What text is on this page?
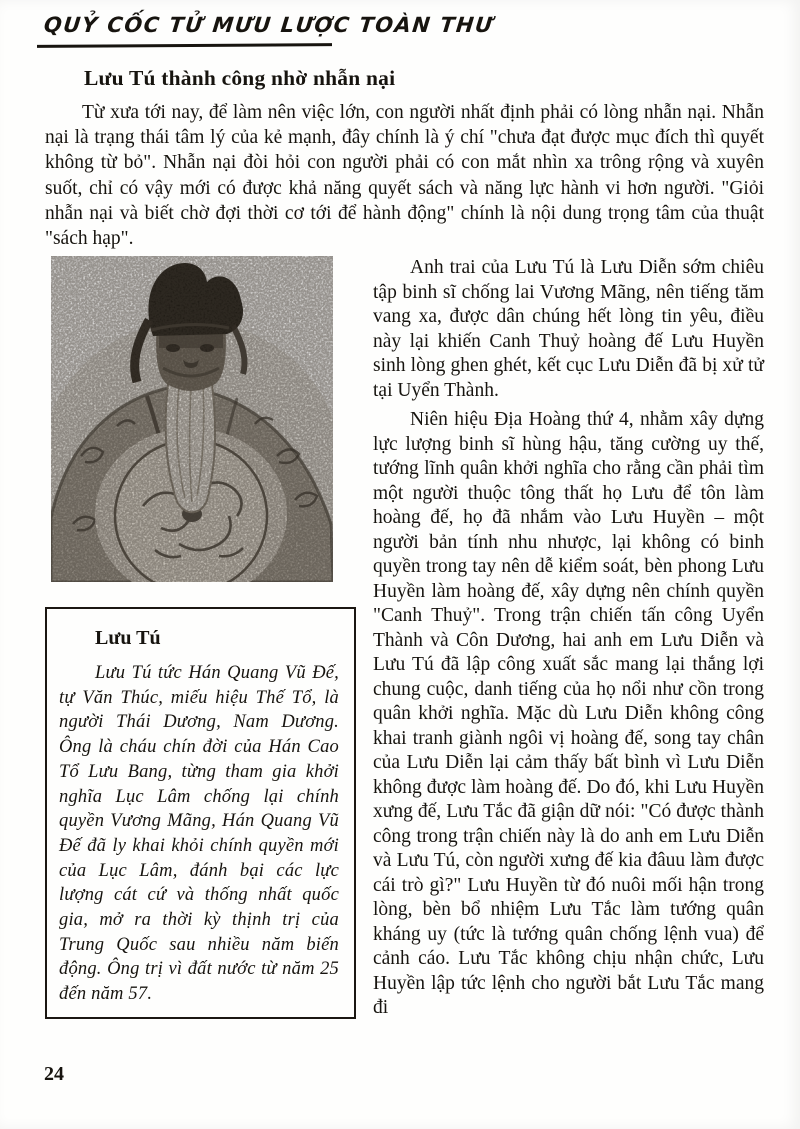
QUỶ CỐC TỬ MƯU LƯỢC TOÀN THƯ
Lưu Tú thành công nhờ nhẫn nại

Từ xưa tới nay, để làm nên việc lớn, con người nhất định phải có lòng nhẫn nại. Nhẫn nại là trạng thái tâm lý của kẻ mạnh, đây chính là ý chí "chưa đạt được mục đích thì quyết không từ bỏ". Nhẫn nại đòi hỏi con người phải có con mắt nhìn xa trông rộng và xuyên suốt, chỉ có vậy mới có được khả năng quyết sách và năng lực hành vi hơn người. "Giỏi nhẫn nại và biết chờ đợi thời cơ tới để hành động" chính là nội dung trọng tâm của thuật "sách hạp".

Lưu Tú

Lưu Tú tức Hán Quang Vũ Đế, tự Văn Thúc, miếu hiệu Thế Tổ, là người Thái Dương, Nam Dương. Ông là cháu chín đời của Hán Cao Tổ Lưu Bang, từng tham gia khởi nghĩa Lục Lâm chống lại chính quyền Vương Mãng, Hán Quang Vũ Đế đã ly khai khỏi chính quyền mới của Lục Lâm, đánh bại các lực lượng cát cứ và thống nhất quốc gia, mở ra thời kỳ thịnh trị của Trung Quốc sau nhiều năm biến động. Ông trị vì đất nước từ năm 25 đến năm 57.

Anh trai của Lưu Tú là Lưu Diễn sớm chiêu tập binh sĩ chống lai Vương Mãng, nên tiếng tăm vang xa, được dân chúng hết lòng tin yêu, điều này lại khiến Canh Thuỷ hoàng đế Lưu Huyền sinh lòng ghen ghét, kết cục Lưu Diễn đã bị xử tử tại Uyển Thành.

Niên hiệu Địa Hoàng thứ 4, nhằm xây dựng lực lượng binh sĩ hùng hậu, tăng cường uy thế, tướng lĩnh quân khởi nghĩa cho rằng cần phải tìm một người thuộc tông thất họ Lưu để tôn làm hoàng đế, họ đã nhắm vào Lưu Huyền – một người bản tính nhu nhược, lại không có binh quyền trong tay nên dễ kiểm soát, bèn phong Lưu Huyền làm hoàng đế, xây dựng nên chính quyền "Canh Thuỷ". Trong trận chiến tấn công Uyển Thành và Côn Dương, hai anh em Lưu Diễn và Lưu Tú đã lập công xuất sắc mang lại thắng lợi chung cuộc, danh tiếng của họ nổi như cồn trong quân khởi nghĩa. Mặc dù Lưu Diễn không công khai tranh giành ngôi vị hoàng đế, song tay chân của Lưu Diễn lại cảm thấy bất bình vì Lưu Diễn không được làm hoàng đế. Do đó, khi Lưu Huyền xưng đế, Lưu Tắc đã giận dữ nói: "Có được thành công trong trận chiến này là do anh em Lưu Diễn và Lưu Tú, còn người xưng đế kia đâuu làm được cái trò gì?" Lưu Huyền từ đó nuôi mối hận trong lòng, bèn bổ nhiệm Lưu Tắc làm tướng quân kháng uy (tức là tướng quân chống lệnh vua) để cảnh cáo. Lưu Tắc không chịu nhận chức, Lưu Huyền lập tức lệnh cho người bắt Lưu Tắc mang đi

24
